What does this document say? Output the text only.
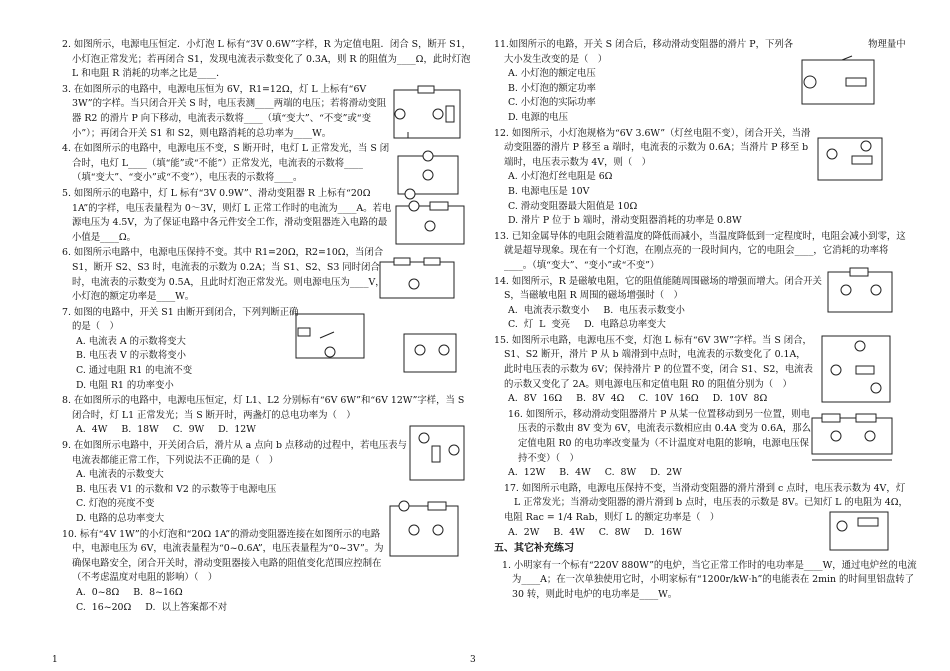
2. 如图所示，电源电压恒定．小灯泡 L 标有“3V 0.6W”字样，R 为定值电阻．闭合 S，断开 S1，小灯泡正常发光；若再闭合 S1，发现电流表示数变化了 0.3A，则 R 的阻值为____Ω，此时灯泡 L 和电阻 R 消耗的功率之比是____．
3. 在如图所示的电路中，电源电压恒为 6V，R1=12Ω，灯 L 上标有“6V 3W”的字样。当只闭合开关 S 时，电压表测____两端的电压；若将滑动变阻器 R2 的滑片 P 向下移动，电流表示数将____（填“变大”、“不变”或“变小”）；再闭合开关 S1 和 S2，则电路消耗的总功率为____W。
4. 在如图所示的电路中，电源电压不变，S 断开时，电灯 L 正常发光，当 S 闭合时，电灯 L____（填“能”或“不能”）正常发光，电流表的示数将____（填“变大”、“变小”或“不变”），电压表的示数将____。
5. 如图所示的电路中，灯 L 标有“3V 0.9W”、滑动变阻器 R 上标有“20Ω 1A”的字样，电压表量程为 0～3V，则灯 L 正常工作时的电流为____A。若电源电压为 4.5V，为了保证电路中各元件安全工作，滑动变阻器连入电路的最小值是____Ω。
6. 如图所示电路中，电源电压保持不变。其中 R1=20Ω，R2=10Ω，当闭合 S1，断开 S2、S3 时，电流表的示数为 0.2A；当 S1、S2、S3 同时闭合时，电流表的示数变为 0.5A，且此时灯泡正常发光。则电源电压为____V，小灯泡的额定功率是____W。
7. 如图的电路中，开关 S1 由断开到闭合，下列判断正确的是（　）
A. 电流表 A 的示数将变大
B. 电压表 V 的示数将变小
C. 通过电阻 R1 的电流不变
D. 电阻 R1 的功率变小
8. 在如图所示的电路中，电源电压恒定，灯 L1、L2 分别标有“6V 6W”和“6V 12W”字样，当 S 闭合时，灯 L1 正常发光；当 S 断开时，两盏灯的总电功率为（　）
A. 4W B. 18W C. 9W D. 12W
9. 在如图所示电路中，开关闭合后，滑片从 a 点向 b 点移动的过程中，若电压表与电流表都能正常工作，下列说法不正确的是（　）
A. 电流表的示数变大
B. 电压表 V1 的示数和 V2 的示数等于电源电压
C. 灯泡的亮度不变
D. 电路的总功率变大
10. 标有“4V 1W”的小灯泡和“20Ω 1A”的滑动变阻器连接在如图所示的电路中，电源电压为 6V，电流表量程为“0~0.6A”，电压表量程为“0~3V”。为确保电路安全，闭合开关时，滑动变阻器接入电路的阻值变化范围应控制在（不考虑温度对电阻的影响）（　）
A. 0~8Ω B. 8~16Ω
C. 16~20Ω D. 以上答案都不对
11.如图所示的电路，开关 S 闭合后，移动滑动变阻器的滑片 P，下列各　　　　　　　　物理量中大小发生改变的是（　）
A. 小灯泡的额定电压
B. 小灯泡的额定功率
C. 小灯泡的实际功率
D. 电源的电压
12. 如图所示，小灯泡规格为“6V 3.6W”（灯丝电阻不变），闭合开关，当滑动变阻器的滑片 P 移至 a 端时，电流表的示数为 0.6A；当滑片 P 移至 b 端时，电压表示数为 4V，则（　）
A. 小灯泡灯丝电阻是 6Ω
B. 电源电压是 10V
C. 滑动变阻器最大阻值是 10Ω
D. 滑片 P 位于 b 端时，滑动变阻器消耗的功率是 0.8W
13. 已知金属导体的电阻会随着温度的降低而减小，当温度降低到一定程度时，电阻会减小到零，这就是超导现象。现在有一个灯泡，在刚点亮的一段时间内，它的电阻会____，它消耗的功率将____。（填“变大”、“变小”或“不变”）
14. 如图所示，R 是磁敏电阻，它的阻值能随周围磁场的增强而增大。闭合开关 S，当磁敏电阻 R 周围的磁场增强时（　）
A. 电流表示数变小 B. 电压表示数变小
C. 灯 L 变亮 D. 电路总功率变大
15. 如图所示电路，电源电压不变，灯泡 L 标有“6V 3W”字样。当 S 闭合，S1、S2 断开，滑片 P 从 b 端滑到中点时，电流表的示数变化了 0.1A，此时电压表的示数为 6V；保持滑片 P 的位置不变，闭合 S1、S2，电流表的示数又变化了 2A。则电源电压和定值电阻 R0 的阻值分别为（　）
A. 8V 16Ω B. 8V 4Ω C. 10V 16Ω D. 10V 8Ω
16. 如图所示，移动滑动变阻器滑片 P 从某一位置移动到另一位置，则电压表的示数由 8V 变为 6V，电流表示数相应由 0.4A 变为 0.6A，那么定值电阻 R0 的电功率改变量为（不计温度对电阻的影响，电源电压保持不变）（　）
A. 12W B. 4W C. 8W D. 2W
17. 如图所示电路，电源电压保持不变，当滑动变阻器的滑片滑到 c 点时，电压表示数为 4V，灯 L 正常发光；当滑动变阻器的滑片滑到 b 点时，电压表的示数是 8V。已知灯 L 的电阻为 4Ω，
电阻 Rac = 1/4 Rab，则灯 L 的额定功率是（　）
A. 2W B. 4W C. 8W D. 16W
五、其它补充练习
1. 小明家有一个标有“220V 880W”的电炉，当它正常工作时的电功率是____W，通过电炉丝的电流为____A；在一次单独使用它时，小明家标有“1200r/kW·h”的电能表在 2min 的时间里铝盘转了 30 转，则此时电炉的电功率是____W。
1	3
